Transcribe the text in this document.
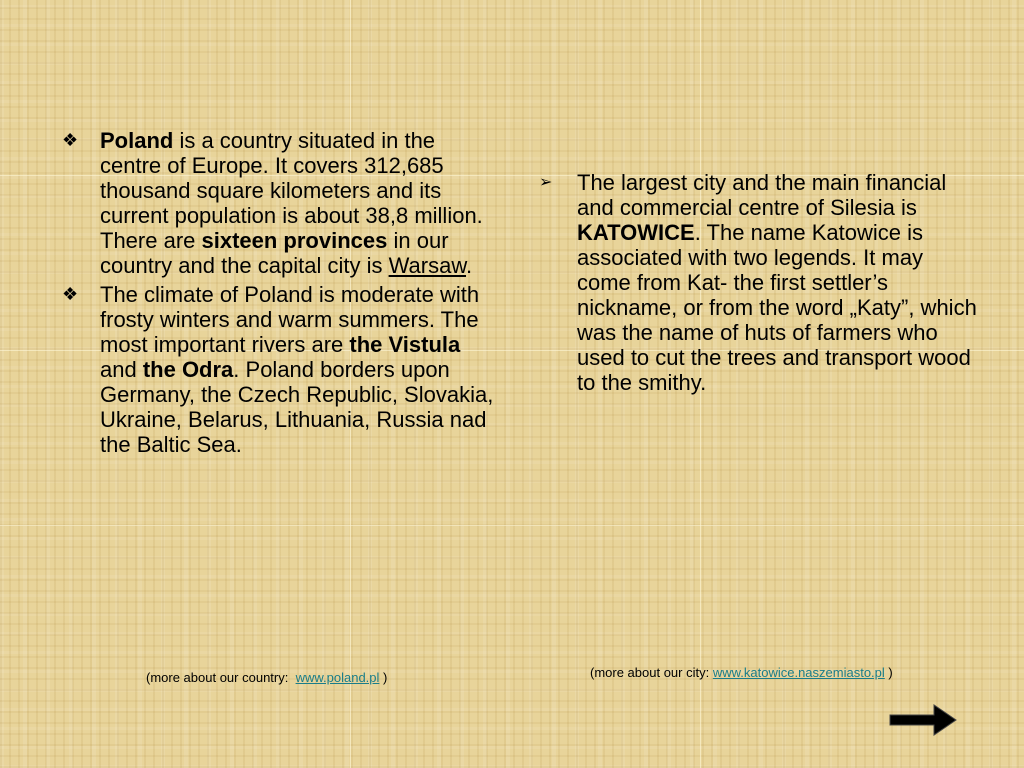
❖ Poland is a country situated in the centre of Europe. It covers 312,685 thousand square kilometers and its current population is about 38,8 million. There are sixteen provinces in our country and the capital city is Warsaw.
❖ The climate of Poland is moderate with frosty winters and warm summers. The most important rivers are the Vistula and the Odra. Poland borders upon Germany, the Czech Republic, Slovakia, Ukraine, Belarus, Lithuania, Russia nad the Baltic Sea.
➢ The largest city and the main financial and commercial centre of Silesia is KATOWICE. The name Katowice is associated with two legends. It may come from Kat- the first settler’s nickname, or from the word „Katy”, which was the name of huts of farmers who used to cut the trees and transport wood to the smithy.
(more about our country:  www.poland.pl )	(more about our city: www.katowice.naszemiasto.pl )
